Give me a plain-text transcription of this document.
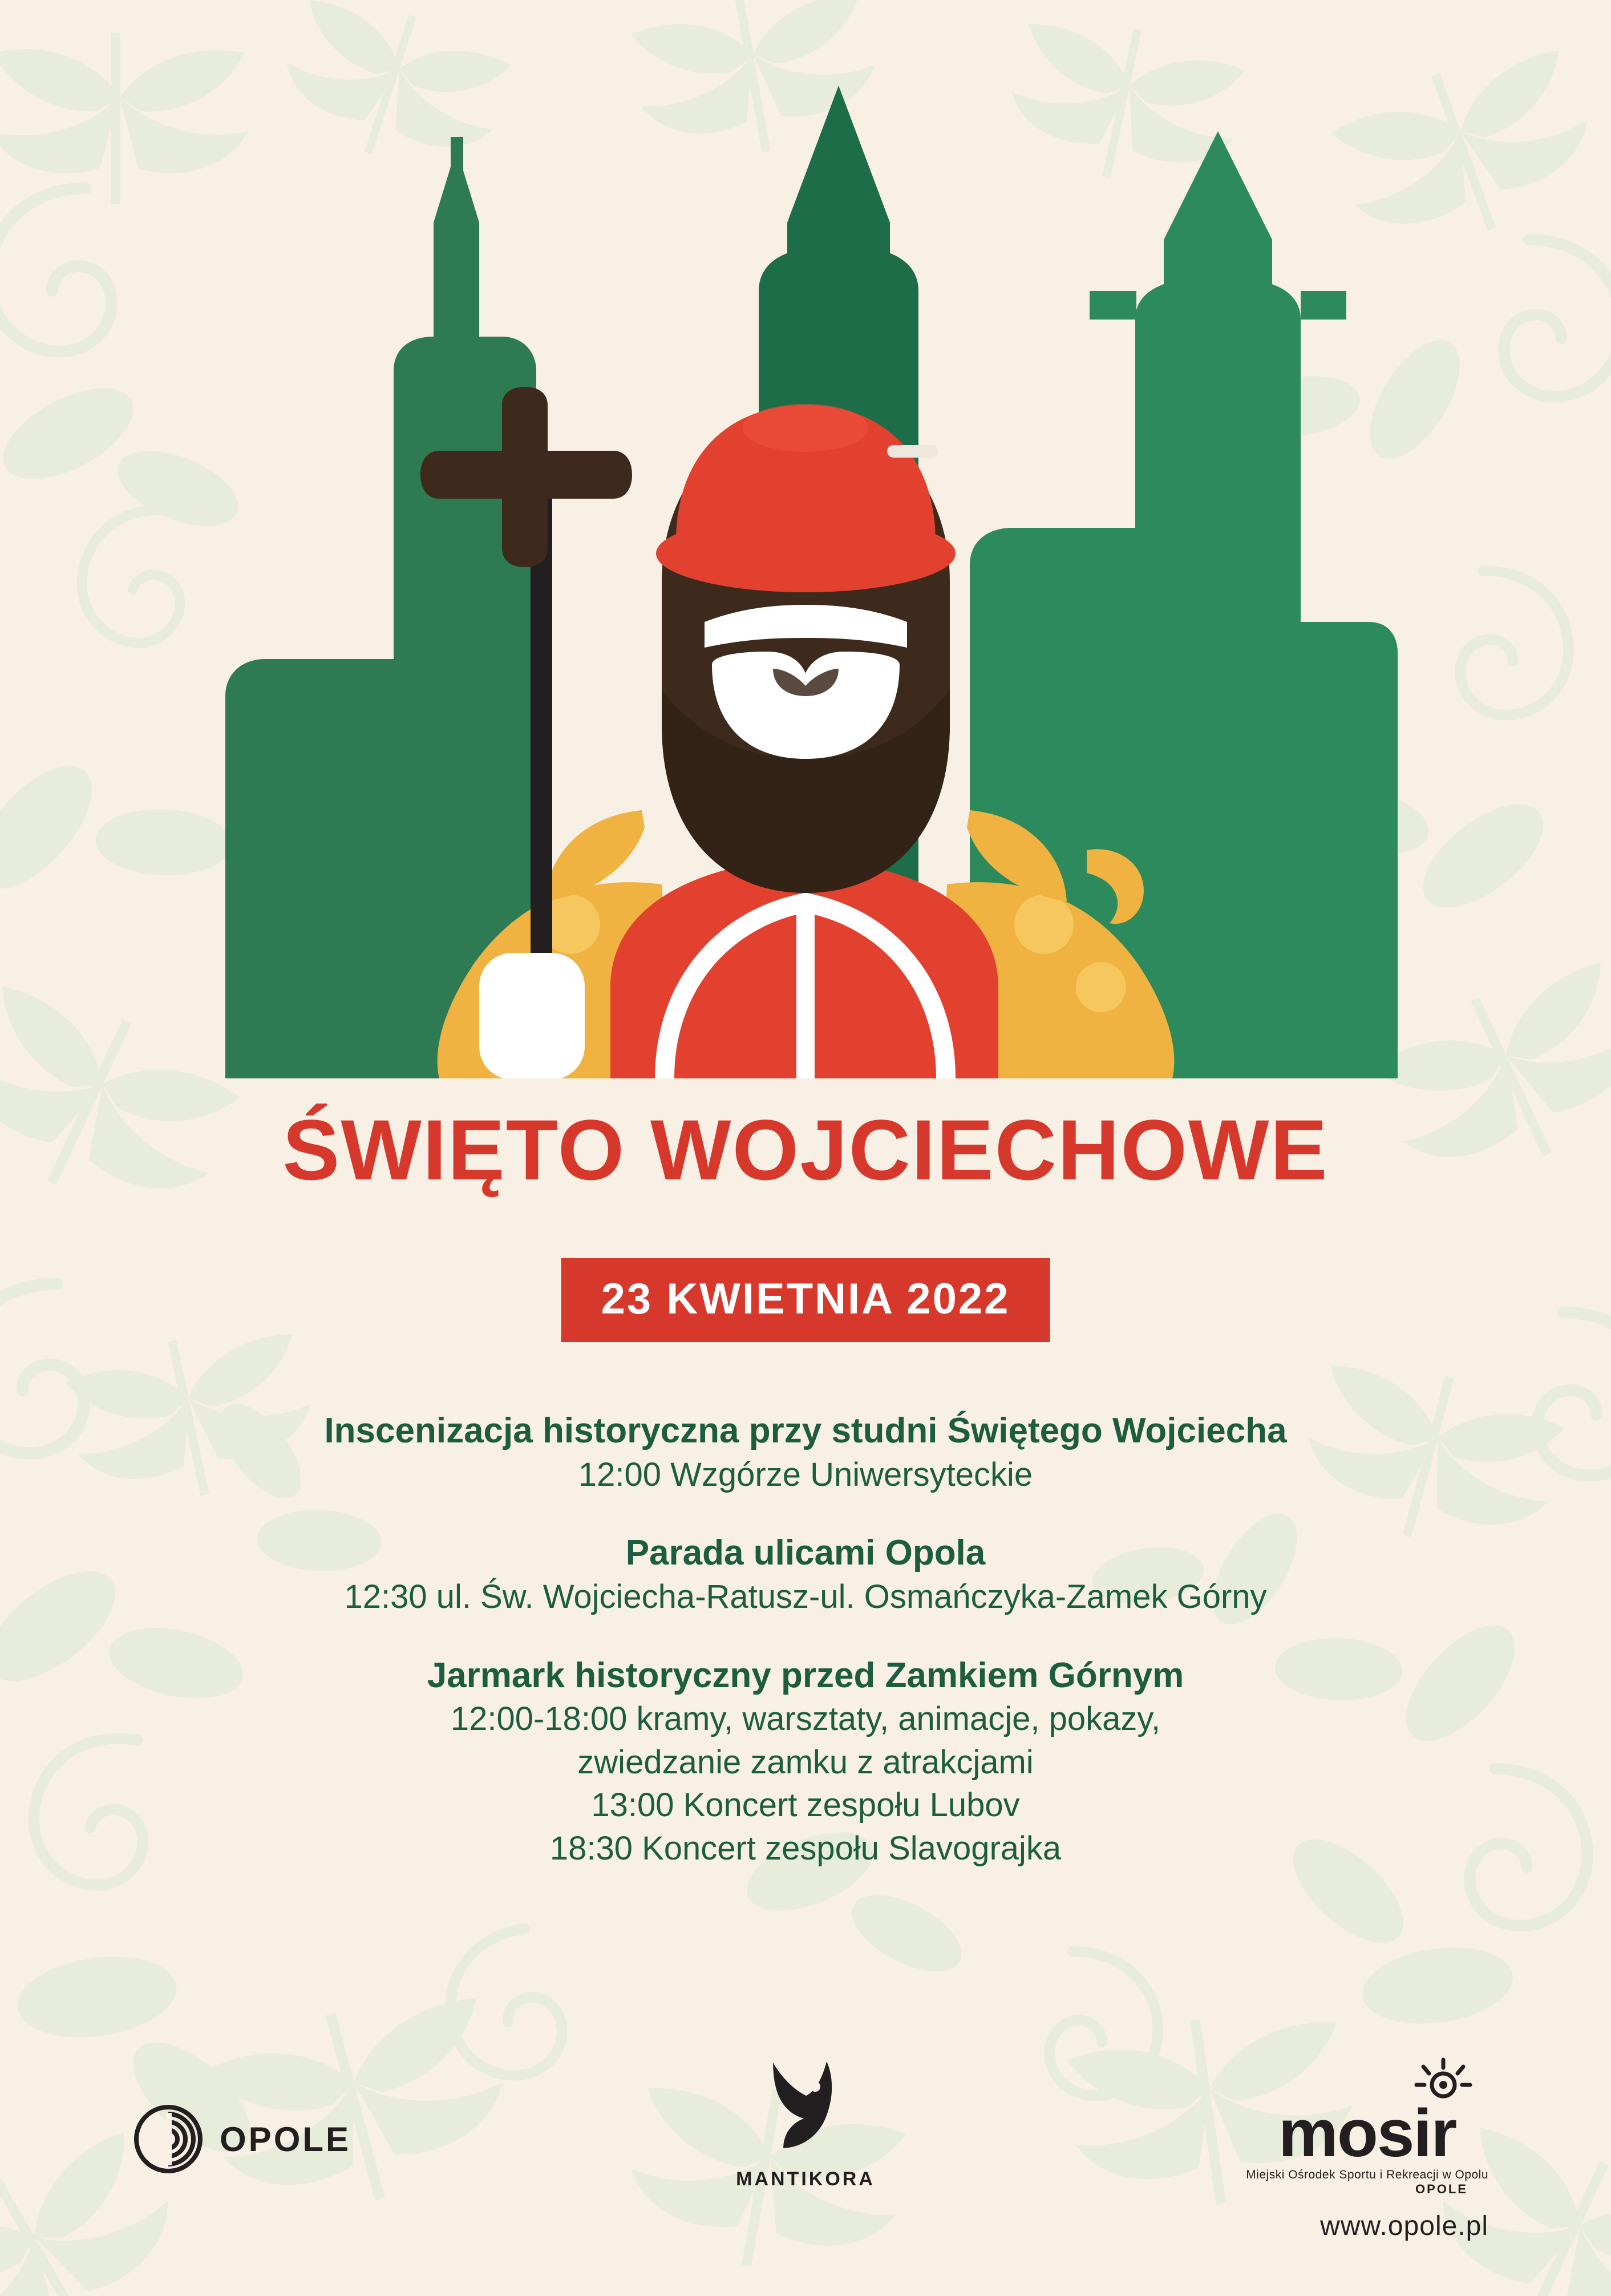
ŚWIĘTO WOJCIECHOWE
23 KWIETNIA 2022
Inscenizacja historyczna przy studni Świętego Wojciecha
12:00 Wzgórze Uniwersyteckie
Parada ulicami Opola
12:30 ul. Św. Wojciecha-Ratusz-ul. Osmańczyka-Zamek Górny
Jarmark historyczny przed Zamkiem Górnym
12:00-18:00 kramy, warsztaty, animacje, pokazy,
zwiedzanie zamku z atrakcjami
13:00 Koncert zespołu Lubov
18:30 Koncert zespołu Slavograjka
OPOLE
MANTIKORA
mosir
Miejski Ośrodek Sportu i Rekreacji w Opolu
OPOLE
www.opole.pl
